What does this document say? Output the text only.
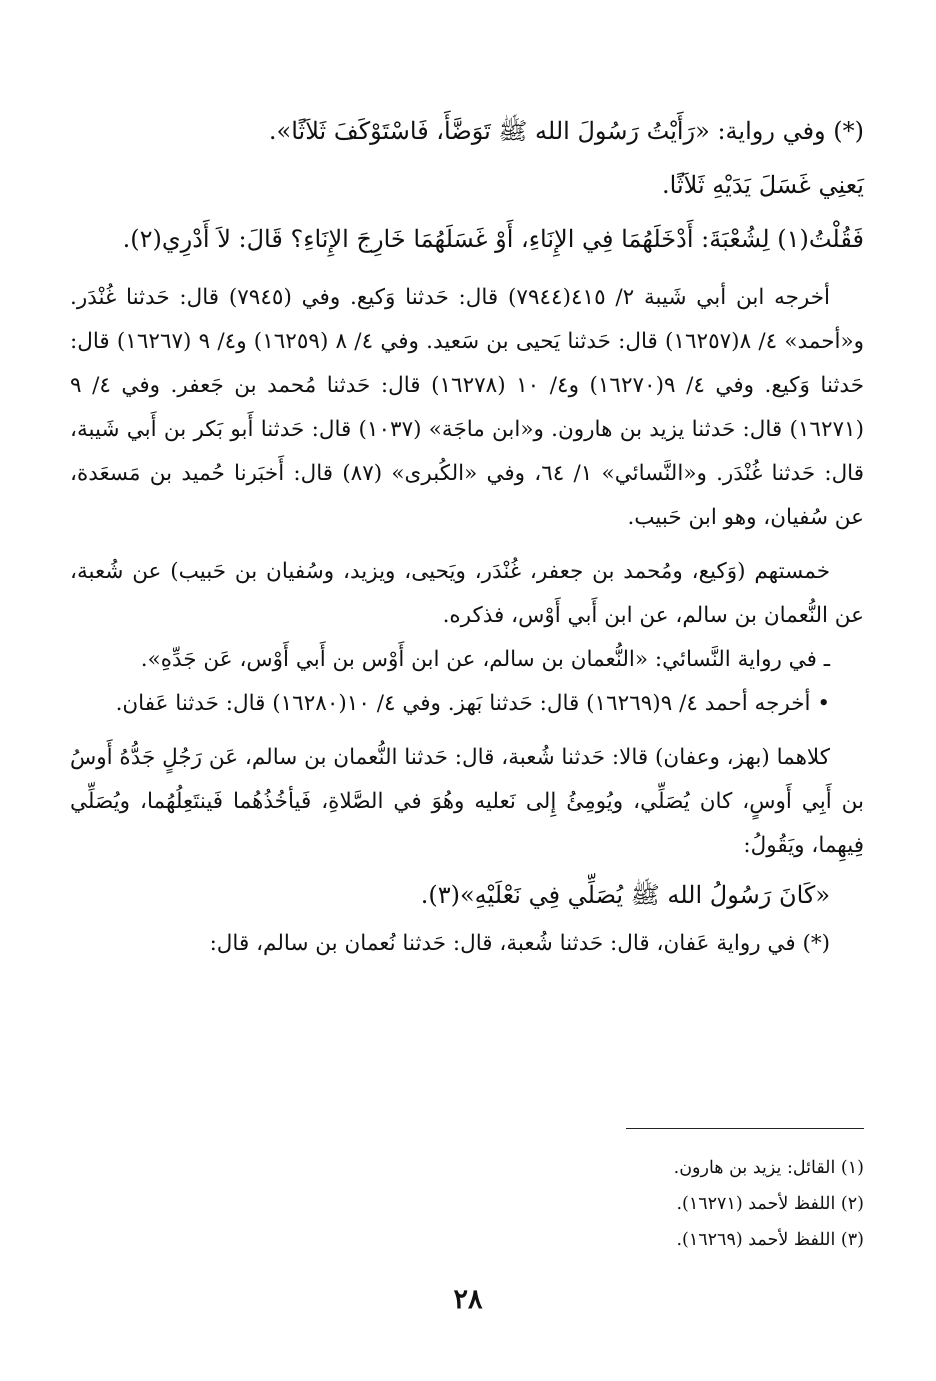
(*) وفي رواية: «رَأَيْتُ رَسُولَ الله ﷺ تَوَضَّأَ، فَاسْتَوْكَفَ ثَلاَثًا».

يَعنِي غَسَلَ يَدَيْهِ ثَلاَثًا.

فَقُلْتُ(١) لِشُعْبَةَ: أَدْخَلَهُمَا فِي الإِنَاءِ، أَوْ غَسَلَهُمَا خَارِجَ الإِنَاءِ؟ قَالَ: لاَ أَدْرِي(٢).

أخرجه ابن أبي شَيبة ٢/ ٤١٥(٧٩٤٤) قال: حَدثنا وَكيع. وفي (٧٩٤٥) قال: حَدثنا غُنْدَر. و«أحمد» ٤/ ٨(١٦٢٥٧) قال: حَدثنا يَحيى بن سَعيد. وفي ٤/ ٨ (١٦٢٥٩) و٤/ ٩ (١٦٢٦٧) قال: حَدثنا وَكيع. وفي ٤/ ٩(١٦٢٧٠) و٤/ ١٠ (١٦٢٧٨) قال: حَدثنا مُحمد بن جَعفر. وفي ٤/ ٩ (١٦٢٧١) قال: حَدثنا يزيد بن هارون. و«ابن ماجَة» (١٠٣٧) قال: حَدثنا أَبو بَكر بن أَبي شَيبة، قال: حَدثنا غُنْدَر. و«النَّسائي» ١/ ٦٤، وفي «الكُبرى» (٨٧) قال: أَخبَرنا حُميد بن مَسعَدة، عن سُفيان، وهو ابن حَبيب.

خمستهم (وَكيع، ومُحمد بن جعفر، غُنْدَر، ويَحيى، ويزيد، وسُفيان بن حَبيب) عن شُعبة، عن النُّعمان بن سالم، عن ابن أَبي أَوْس، فذكره.

ـ في رواية النَّسائي: «النُّعمان بن سالم، عن ابن أَوْس بن أَبي أَوْس، عَن جَدِّهِ».

• أخرجه أحمد ٤/ ٩(١٦٢٦٩) قال: حَدثنا بَهز. وفي ٤/ ١٠(١٦٢٨٠) قال: حَدثنا عَفان.

كلاهما (بهز، وعفان) قالا: حَدثنا شُعبة، قال: حَدثنا النُّعمان بن سالم، عَن رَجُلٍ جَدُّهُ أَوسُ بن أَبِي أَوسٍ، كان يُصَلِّي، ويُومِئُ إِلى نَعليه وهُوَ في الصَّلاةِ، فَيأخُذُهُما فَينتَعِلُهُما، ويُصَلِّي فِيهِما، ويَقُولُ:

«كَانَ رَسُولُ الله ﷺ يُصَلِّي فِي نَعْلَيْهِ»(٣).

(*) في رواية عَفان، قال: حَدثنا شُعبة، قال: حَدثنا نُعمان بن سالم، قال:

(١) القائل: يزيد بن هارون.

(٢) اللفظ لأحمد (١٦٢٧١).

(٣) اللفظ لأحمد (١٦٢٦٩).

٢٨
